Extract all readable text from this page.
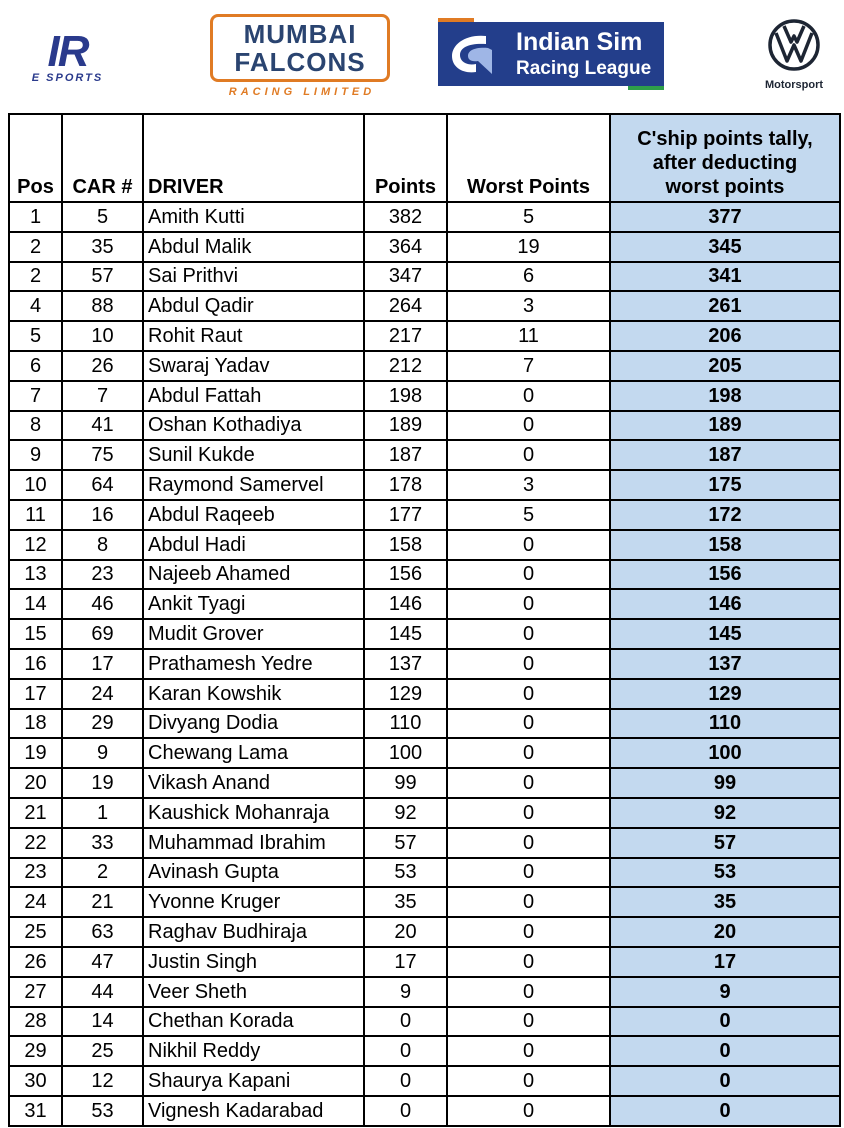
IR
E SPORTS
MUMBAI
FALCONS
RACING LIMITED
Indian Sim
Racing League
Motorsport
Pos	CAR #	DRIVER	Points	Worst Points	C'ship points tally,
after deducting
worst points

1	5	Amith Kutti	382	5	377
2	35	Abdul Malik	364	19	345
2	57	Sai Prithvi	347	6	341
4	88	Abdul Qadir	264	3	261
5	10	Rohit Raut	217	11	206
6	26	Swaraj Yadav	212	7	205
7	7	Abdul Fattah	198	0	198
8	41	Oshan Kothadiya	189	0	189
9	75	Sunil Kukde	187	0	187
10	64	Raymond Samervel	178	3	175
11	16	Abdul Raqeeb	177	5	172
12	8	Abdul Hadi	158	0	158
13	23	Najeeb Ahamed	156	0	156
14	46	Ankit Tyagi	146	0	146
15	69	Mudit Grover	145	0	145
16	17	Prathamesh Yedre	137	0	137
17	24	Karan Kowshik	129	0	129
18	29	Divyang Dodia	110	0	110
19	9	Chewang Lama	100	0	100
20	19	Vikash Anand	99	0	99
21	1	Kaushick Mohanraja	92	0	92
22	33	Muhammad Ibrahim	57	0	57
23	2	Avinash Gupta	53	0	53
24	21	Yvonne Kruger	35	0	35
25	63	Raghav Budhiraja	20	0	20
26	47	Justin Singh	17	0	17
27	44	Veer Sheth	9	0	9
28	14	Chethan Korada	0	0	0
29	25	Nikhil Reddy	0	0	0
30	12	Shaurya Kapani	0	0	0
31	53	Vignesh Kadarabad	0	0	0
